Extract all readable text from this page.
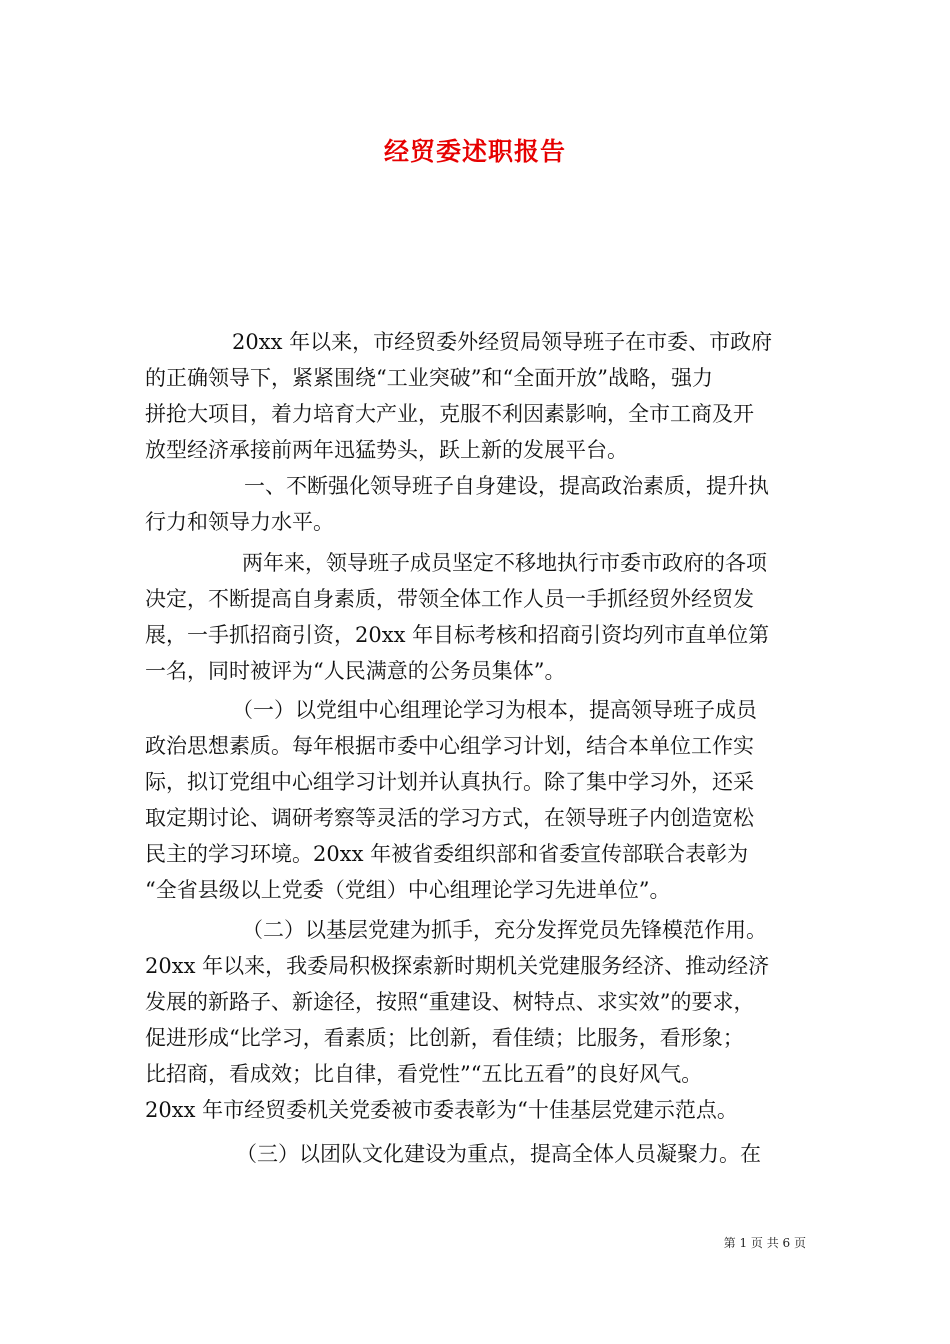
经贸委述职报告

20xx 年以来，市经贸委外经贸局领导班子在市委、市政府

的正确领导下，紧紧围绕“工业突破”和“全面开放”战略，强力

拼抢大项目，着力培育大产业，克服不利因素影响，全市工商及开

放型经济承接前两年迅猛势头，跃上新的发展平台。

一、不断强化领导班子自身建设，提高政治素质，提升执

行力和领导力水平。

两年来，领导班子成员坚定不移地执行市委市政府的各项

决定，不断提高自身素质，带领全体工作人员一手抓经贸外经贸发

展，一手抓招商引资，20xx 年目标考核和招商引资均列市直单位第

一名，同时被评为“人民满意的公务员集体”。

（一）以党组中心组理论学习为根本，提高领导班子成员

政治思想素质。每年根据市委中心组学习计划，结合本单位工作实

际，拟订党组中心组学习计划并认真执行。除了集中学习外，还采

取定期讨论、调研考察等灵活的学习方式，在领导班子内创造宽松

民主的学习环境。20xx 年被省委组织部和省委宣传部联合表彰为

“全省县级以上党委（党组）中心组理论学习先进单位”。

（二）以基层党建为抓手，充分发挥党员先锋模范作用。

20xx 年以来，我委局积极探索新时期机关党建服务经济、推动经济

发展的新路子、新途径，按照“重建设、树特点、求实效”的要求，

促进形成“比学习，看素质；比创新，看佳绩；比服务，看形象；

比招商，看成效；比自律，看党性”“五比五看”的良好风气。

20xx 年市经贸委机关党委被市委表彰为“十佳基层党建示范点。

（三）以团队文化建设为重点，提高全体人员凝聚力。在

第 1 页 共 6 页
